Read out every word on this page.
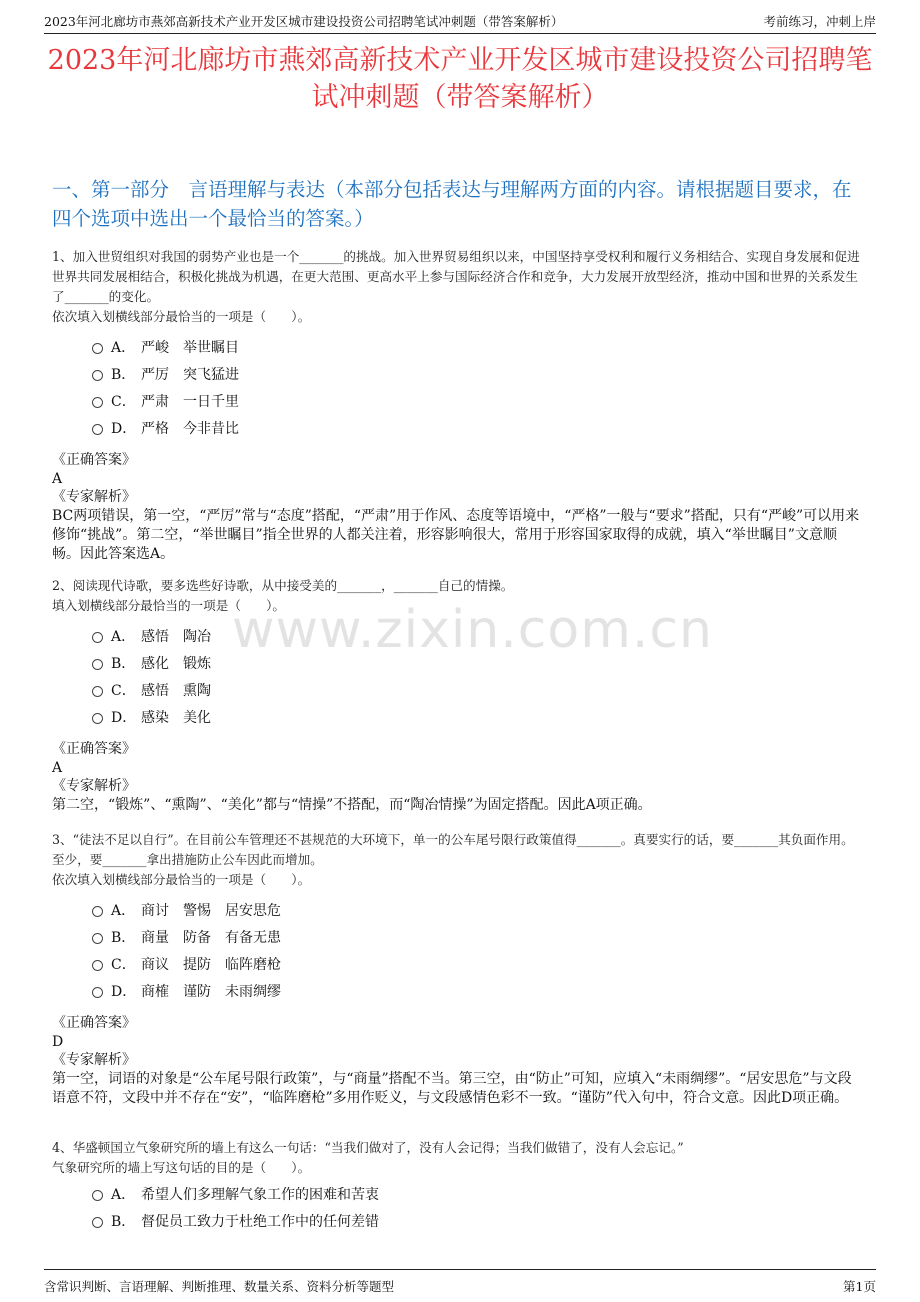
www.zixin.com.cn
2023年河北廊坊市燕郊高新技术产业开发区城市建设投资公司招聘笔试冲刺题（带答案解析）	考前练习，冲刺上岸
2023年河北廊坊市燕郊高新技术产业开发区城市建设投资公司招聘笔试冲刺题（带答案解析）
一、第一部分　言语理解与表达（本部分包括表达与理解两方面的内容。请根据题目要求，在四个选项中选出一个最恰当的答案。）
1、加入世贸组织对我国的弱势产业也是一个_______的挑战。加入世界贸易组织以来，中国坚持享受权利和履行义务相结合、实现自身发展和促进世界共同发展相结合，积极化挑战为机遇，在更大范围、更高水平上参与国际经济合作和竞争，大力发展开放型经济，推动中国和世界的关系发生了_______的变化。
依次填入划横线部分最恰当的一项是（　　）。
A． 严峻　举世瞩目
B． 严厉　突飞猛进
C． 严肃　一日千里
D． 严格　今非昔比
《正确答案》
A
《专家解析》
BC两项错误，第一空，“严厉”常与“态度”搭配，“严肃”用于作风、态度等语境中，“严格”一般与“要求”搭配，只有“严峻”可以用来修饰“挑战”。第二空，“举世瞩目”指全世界的人都关注着，形容影响很大，常用于形容国家取得的成就，填入“举世瞩目”文意顺畅。因此答案选A。
2、阅读现代诗歌，要多选些好诗歌，从中接受美的_______，_______自己的情操。
填入划横线部分最恰当的一项是（　　）。
A． 感悟　陶冶
B． 感化　锻炼
C． 感悟　熏陶
D． 感染　美化
《正确答案》
A
《专家解析》
第二空，“锻炼”、“熏陶”、“美化”都与“情操”不搭配，而“陶冶情操”为固定搭配。因此A项正确。
3、“徒法不足以自行”。在目前公车管理还不甚规范的大环境下，单一的公车尾号限行政策值得_______。真要实行的话，要_______其负面作用。至少，要_______拿出措施防止公车因此而增加。
依次填入划横线部分最恰当的一项是（　　）。
A． 商讨　警惕　居安思危
B． 商量　防备　有备无患
C． 商议　提防　临阵磨枪
D． 商榷　谨防　未雨绸缪
《正确答案》
D
《专家解析》
第一空，词语的对象是“公车尾号限行政策”，与“商量”搭配不当。第三空，由“防止”可知，应填入“未雨绸缪”。“居安思危”与文段语意不符，文段中并不存在“安”，“临阵磨枪”多用作贬义，与文段感情色彩不一致。“谨防”代入句中，符合文意。因此D项正确。
4、华盛顿国立气象研究所的墙上有这么一句话：“当我们做对了，没有人会记得；当我们做错了，没有人会忘记。”
气象研究所的墙上写这句话的目的是（　　）。
A． 希望人们多理解气象工作的困难和苦衷
B． 督促员工致力于杜绝工作中的任何差错
含常识判断、言语理解、判断推理、数量关系、资料分析等题型	第1页
